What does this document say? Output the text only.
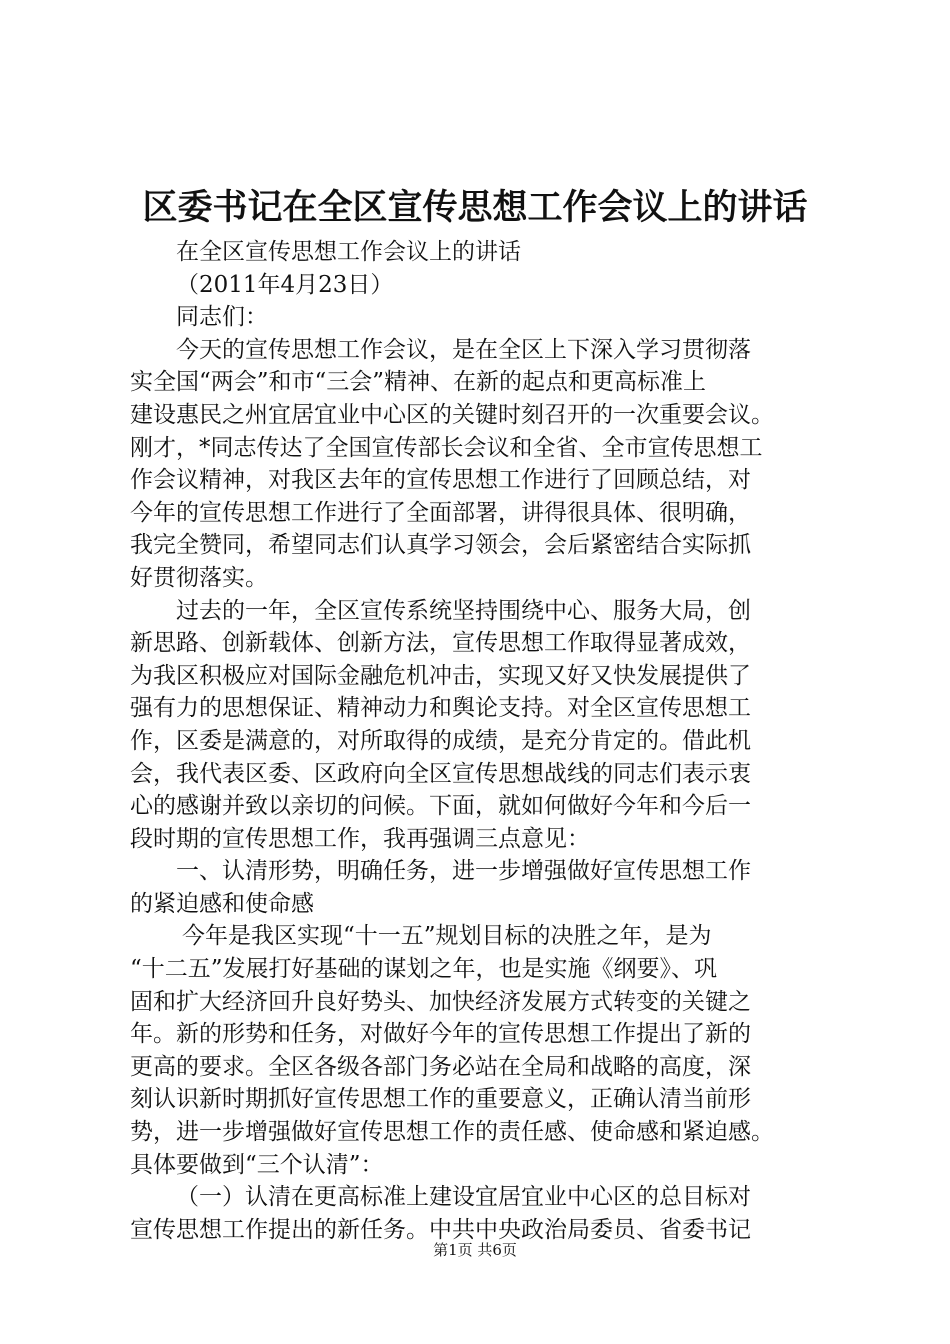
区委书记在全区宣传思想工作会议上的讲话
在全区宣传思想工作会议上的讲话
（2011年4月23日）
同志们：
今天的宣传思想工作会议，是在全区上下深入学习贯彻落
实全国“两会”和市“三会”精神、在新的起点和更高标准上
建设惠民之州宜居宜业中心区的关键时刻召开的一次重要会议。
刚才，*同志传达了全国宣传部长会议和全省、全市宣传思想工
作会议精神，对我区去年的宣传思想工作进行了回顾总结，对
今年的宣传思想工作进行了全面部署，讲得很具体、很明确，
我完全赞同，希望同志们认真学习领会，会后紧密结合实际抓
好贯彻落实。
过去的一年，全区宣传系统坚持围绕中心、服务大局，创
新思路、创新载体、创新方法，宣传思想工作取得显著成效，
为我区积极应对国际金融危机冲击，实现又好又快发展提供了
强有力的思想保证、精神动力和舆论支持。对全区宣传思想工
作，区委是满意的，对所取得的成绩，是充分肯定的。借此机
会，我代表区委、区政府向全区宣传思想战线的同志们表示衷
心的感谢并致以亲切的问候。下面，就如何做好今年和今后一
段时期的宣传思想工作，我再强调三点意见：
一、认清形势，明确任务，进一步增强做好宣传思想工作
的紧迫感和使命感
今年是我区实现“十一五”规划目标的决胜之年，是为
“十二五”发展打好基础的谋划之年，也是实施《纲要》、巩
固和扩大经济回升良好势头、加快经济发展方式转变的关键之
年。新的形势和任务，对做好今年的宣传思想工作提出了新的
更高的要求。全区各级各部门务必站在全局和战略的高度，深
刻认识新时期抓好宣传思想工作的重要意义，正确认清当前形
势，进一步增强做好宣传思想工作的责任感、使命感和紧迫感。
具体要做到“三个认清”：
（一）认清在更高标准上建设宜居宜业中心区的总目标对
宣传思想工作提出的新任务。中共中央政治局委员、省委书记
第1页 共6页
